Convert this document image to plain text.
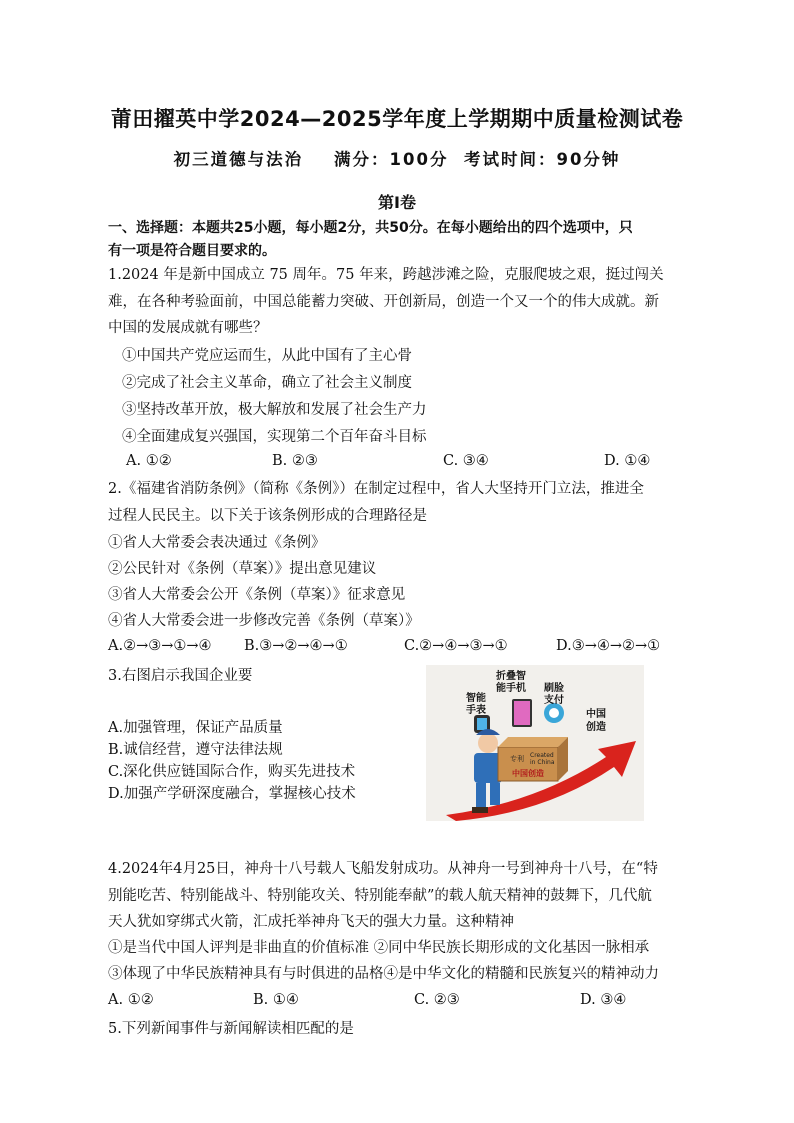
莆田擢英中学2024—2025学年度上学期期中质量检测试卷
初三道德与法治    满分：100分  考试时间：90分钟
第Ⅰ卷
一、选择题：本题共25小题，每小题2分，共50分。在每小题给出的四个选项中，只
有一项是符合题目要求的。
1.2024 年是新中国成立 75 周年。75 年来，跨越涉滩之险，克服爬坡之艰，挺过闯关
难，在各种考验面前，中国总能蓄力突破、开创新局，创造一个又一个的伟大成就。新
中国的发展成就有哪些？
①中国共产党应运而生，从此中国有了主心骨
②完成了社会主义革命，确立了社会主义制度
③坚持改革开放，极大解放和发展了社会生产力
④全面建成复兴强国，实现第二个百年奋斗目标
A. ①②	B. ②③	C. ③④	D. ①④
2.《福建省消防条例》（简称《条例》）在制定过程中，省人大坚持开门立法，推进全
过程人民民主。以下关于该条例形成的合理路径是
①省人大常委会表决通过《条例》
②公民针对《条例（草案）》提出意见建议
③省人大常委会公开《条例（草案）》征求意见
④省人大常委会进一步修改完善《条例（草案）》
A.②→③→①→④ B.③→②→④→①	C.②→④→③→①	D.③→④→②→①
3.右图启示我国企业要
A.加强管理，保证产品质量
B.诚信经营，遵守法律法规
C.深化供应链国际合作，购买先进技术
D.加强产学研深度融合，掌握核心技术
专利 Created
in China
中国创造
折叠智
能手机 刷脸
支付
智能
手表	中国
创造
4.2024年4月25日，神舟十八号载人飞船发射成功。从神舟一号到神舟十八号，在“特
别能吃苦、特别能战斗、特别能攻关、特别能奉献”的载人航天精神的鼓舞下，几代航
天人犹如穿绑式火箭，汇成托举神舟飞天的强大力量。这种精神
①是当代中国人评判是非曲直的价值标准 ②同中华民族长期形成的文化基因一脉相承
③体现了中华民族精神具有与时俱进的品格④是中华文化的精髓和民族复兴的精神动力
A. ①②	B. ①④	C. ②③	D. ③④
5.下列新闻事件与新闻解读相匹配的是
